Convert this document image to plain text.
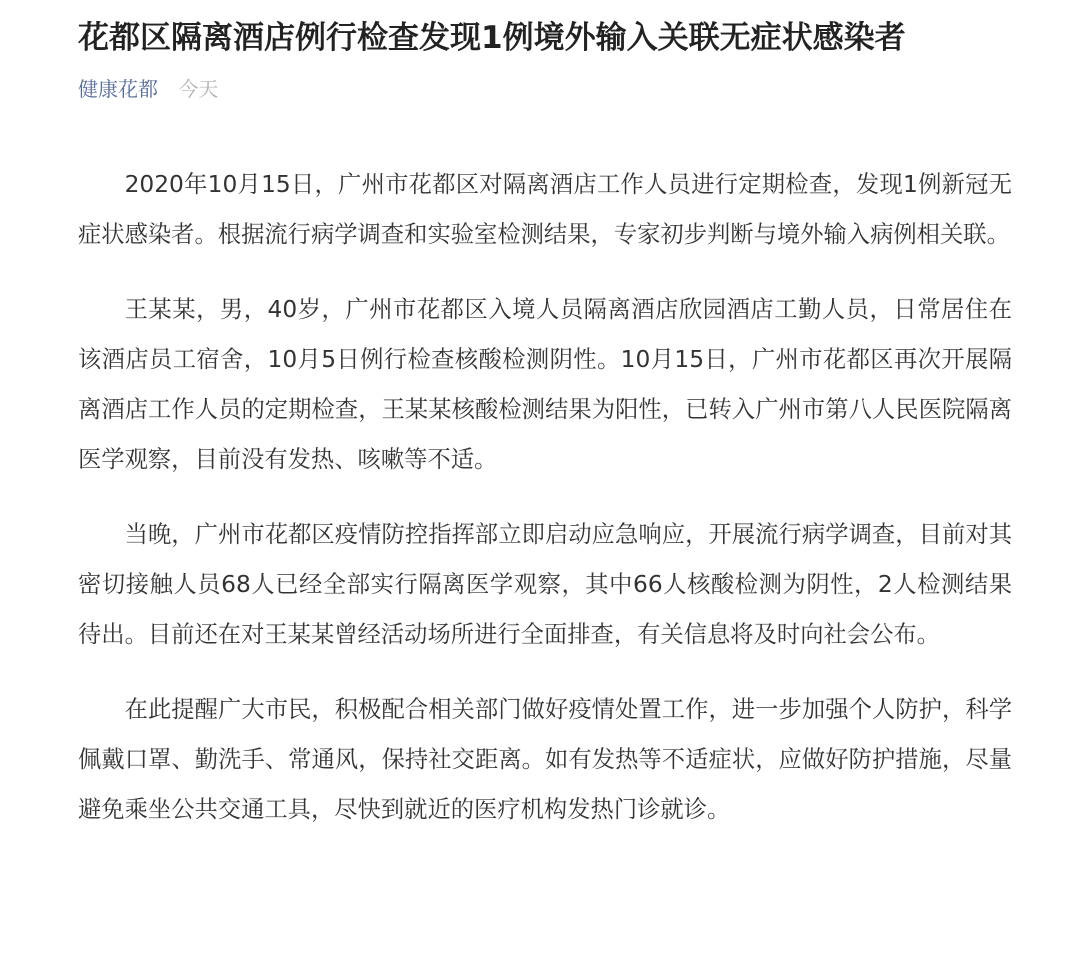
花都区隔离酒店例行检查发现1例境外输入关联无症状感染者
健康花都 今天

2020年10月15日，广州市花都区对隔离酒店工作人员进行定期检查，发现1例新冠无症状感染者。根据流行病学调查和实验室检测结果，专家初步判断与境外输入病例相关联。

王某某，男，40岁，广州市花都区入境人员隔离酒店欣园酒店工勤人员，日常居住在该酒店员工宿舍，10月5日例行检查核酸检测阴性。10月15日，广州市花都区再次开展隔离酒店工作人员的定期检查，王某某核酸检测结果为阳性，已转入广州市第八人民医院隔离医学观察，目前没有发热、咳嗽等不适。

当晚，广州市花都区疫情防控指挥部立即启动应急响应，开展流行病学调查，目前对其密切接触人员68人已经全部实行隔离医学观察，其中66人核酸检测为阴性，2人检测结果待出。目前还在对王某某曾经活动场所进行全面排查，有关信息将及时向社会公布。

在此提醒广大市民，积极配合相关部门做好疫情处置工作，进一步加强个人防护，科学佩戴口罩、勤洗手、常通风，保持社交距离。如有发热等不适症状，应做好防护措施，尽量避免乘坐公共交通工具，尽快到就近的医疗机构发热门诊就诊。
